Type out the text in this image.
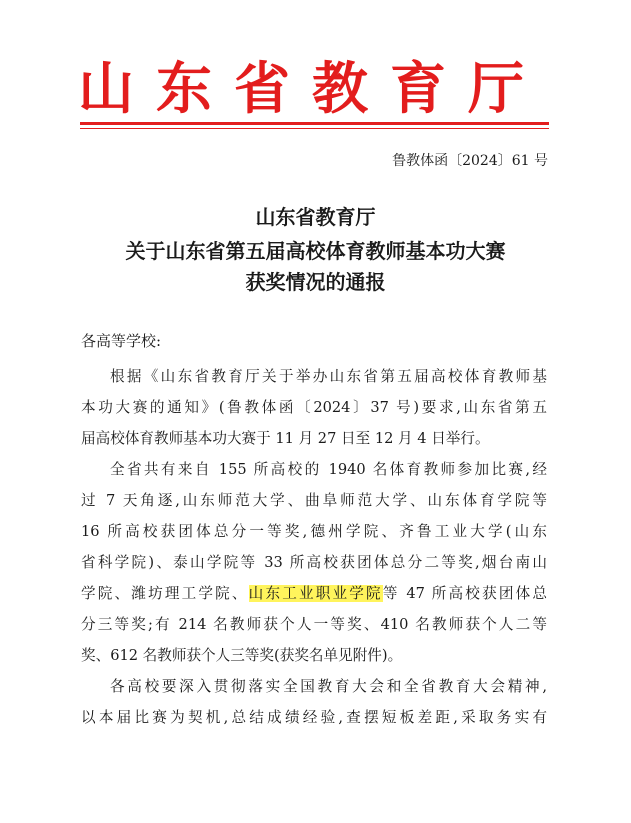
山东省教育厅
鲁教体函〔2024〕61 号
山东省教育厅
关于山东省第五届高校体育教师基本功大赛
获奖情况的通报
各高等学校:
根据《山东省教育厅关于举办山东省第五届高校体育教师基
本功大赛的通知》(鲁教体函〔2024〕37 号)要求,山东省第五
届高校体育教师基本功大赛于 11 月 27 日至 12 月 4 日举行。
全省共有来自 155 所高校的 1940 名体育教师参加比赛,经
过 7 天角逐,山东师范大学、曲阜师范大学、山东体育学院等
16 所高校获团体总分一等奖,德州学院、齐鲁工业大学(山东
省科学院)、泰山学院等 33 所高校获团体总分二等奖,烟台南山
学院、潍坊理工学院、山东工业职业学院等 47 所高校获团体总
分三等奖;有 214 名教师获个人一等奖、410 名教师获个人二等
奖、612 名教师获个人三等奖(获奖名单见附件)。
各高校要深入贯彻落实全国教育大会和全省教育大会精神,
以本届比赛为契机,总结成绩经验,查摆短板差距,采取务实有
